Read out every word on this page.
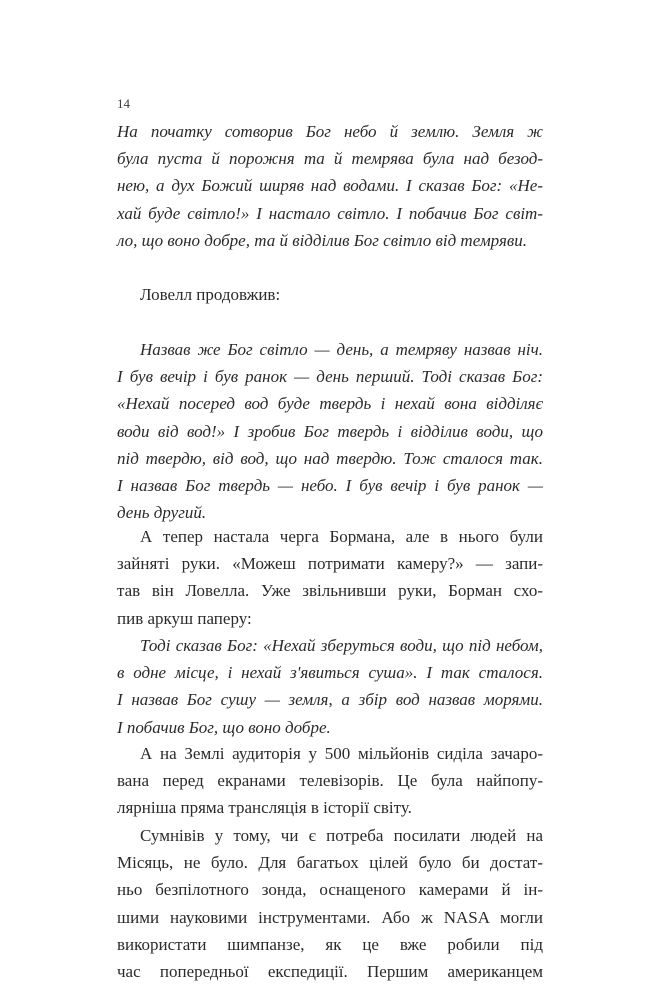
14

На початку сотворив Бог небо й землю. Земля ж
була пуста й порожня та й темрява була над безод-
нею, а дух Божий ширяв над водами. І сказав Бог: «Не-
хай буде світло!» І настало світло. І побачив Бог світ-
ло, що воно добре, та й відділив Бог світло від темряви.

Ловелл продовжив:

Назвав же Бог світло — день, а темряву назвав ніч.
І був вечір і був ранок — день перший. Тоді сказав Бог:
«Нехай посеред вод буде твердь і нехай вона відділяє
води від вод!» І зробив Бог твердь і відділив води, що
під твердю, від вод, що над твердю. Тож сталося так.
І назвав Бог твердь — небо. І був вечір і був ранок —
день другий.

А тепер настала черга Бормана, але в нього були
зайняті руки. «Можеш потримати камеру?» — запи-
тав він Ловелла. Уже звільнивши руки, Борман схо-
пив аркуш паперу:

Тоді сказав Бог: «Нехай зберуться води, що під небом,
в одне місце, і нехай з'явиться суша». І так сталося.
І назвав Бог сушу — земля, а збір вод назвав морями.
І побачив Бог, що воно добре.

А на Землі аудиторія у 500 мільйонів сиділа зачаро-
вана перед екранами телевізорів. Це була найпопу-
лярніша пряма трансляція в історії світу.

Сумнівів у тому, чи є потреба посилати людей на
Місяць, не було. Для багатьох цілей було би достат-
ньо безпілотного зонда, оснащеного камерами й ін-
шими науковими інструментами. Або ж NASA могли
використати шимпанзе, як це вже робили під
час попередньої експедиції. Першим американцем
